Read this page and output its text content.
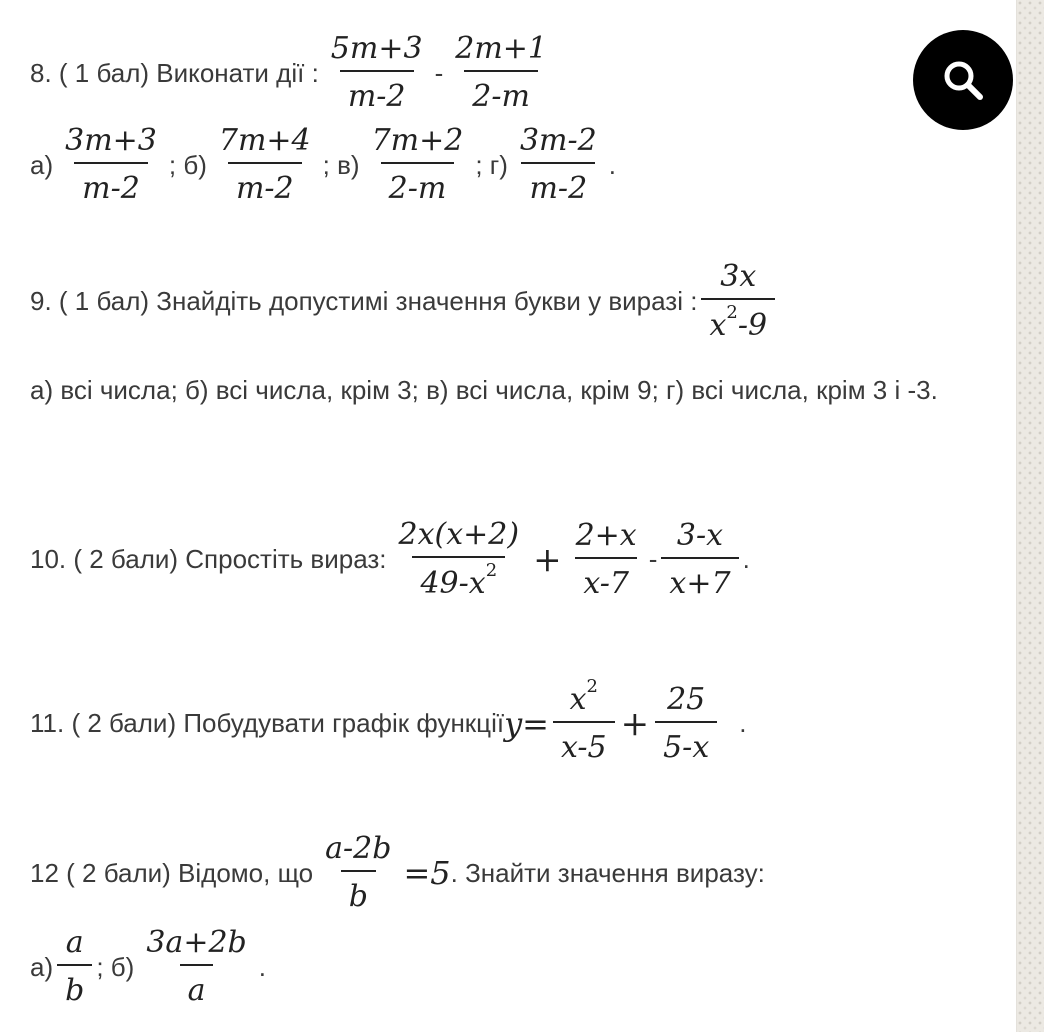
8. ( 1 бал) Виконати дії : $\frac{5m+3}{m-2} - \frac{2m+1}{2-m}$
$а) \frac{3m+3}{m-2}$ ; $б) \frac{7m+4}{m-2}$ ; $в) \frac{7m+2}{2-m}$ ; $г) \frac{3m-2}{m-2}$ .
9. ( 1 бал) Знайдіть допустимі значення букви у виразі : $\frac{3x}{x^2-9}$
а) всі числа; б) всі числа, крім 3; в) всі числа, крім 9; г) всі числа, крім 3 і -3.
10. ( 2 бали) Спростіть вираз: $\frac{2x(x+2)}{49-x^2} + \frac{2+x}{x-7} - \frac{3-x}{x+7}$ .
11. ( 2 бали) Побудувати графік функції $y= \frac{x^2}{x-5} + \frac{25}{5-x}$ .
12 ( 2 бали) Відомо, що $\frac{a-2b}{b} =5$ . Знайти значення виразу:
$а) \frac{a}{b}$ ; $б) \frac{3a+2b}{a}$ .
